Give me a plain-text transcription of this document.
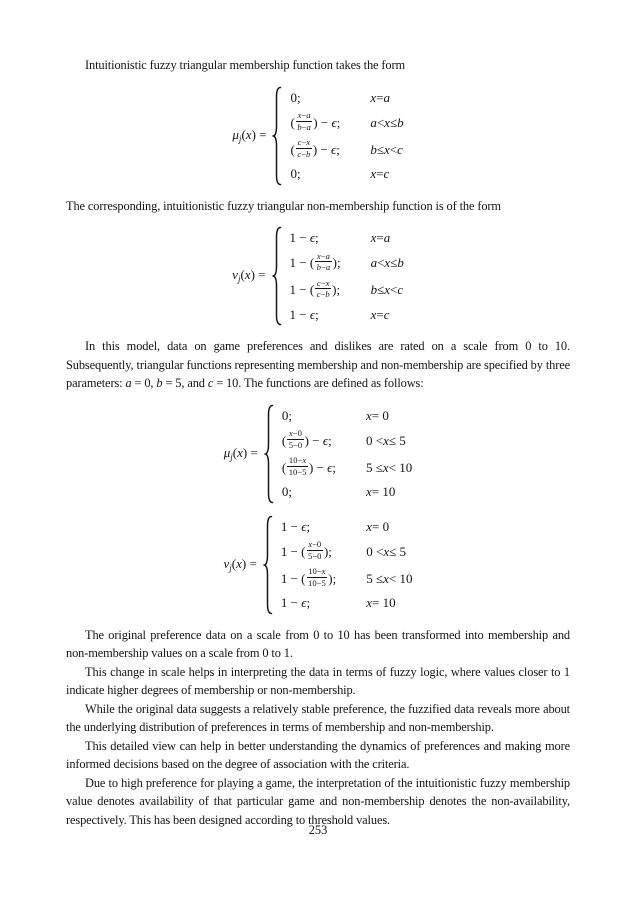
Intuitionistic fuzzy triangular membership function takes the form

$\mu_j(x)$ =
0;	x = a
( $\frac{x-a}{b-a}$ ) − ϵ; a < x ≤ b
( $\frac{c-x}{c-b}$ ) − ϵ; b ≤ x < c
0;	x = c

The corresponding, intuitionistic fuzzy triangular non-membership function is of the form

$\nu_j(x)$ =
1 − ϵ;	x = a
1 − ( $\frac{x-a}{b-a}$ ); a < x ≤ b
1 − ( $\frac{c-x}{c-b}$ ); b ≤ x < c
1 − ϵ;	x = c

In this model, data on game preferences and dislikes are rated on a scale from 0 to 10. Subsequently, triangular functions representing membership and non-membership are specified by three parameters: a = 0, b = 5, and c = 10. The functions are defined as follows:

$\mu_j(x)$ =
0;	x = 0
( $\frac{x-0}{5-0}$ ) − ϵ;	0 < x ≤ 5
( $\frac{10-x}{10-5}$ ) − ϵ; 5 ≤ x < 10
0;	x = 10
$\nu_j(x)$ =
1 − ϵ;	x = 0
1 − ( $\frac{x-0}{5-0}$ );	0 < x ≤ 5
1 − ( $\frac{10-x}{10-5}$ ); 5 ≤ x < 10
1 − ϵ;	x = 10

The original preference data on a scale from 0 to 10 has been transformed into membership and non-membership values on a scale from 0 to 1.

This change in scale helps in interpreting the data in terms of fuzzy logic, where values closer to 1 indicate higher degrees of membership or non-membership.

While the original data suggests a relatively stable preference, the fuzzified data reveals more about the underlying distribution of preferences in terms of membership and non-membership.

This detailed view can help in better understanding the dynamics of preferences and making more informed decisions based on the degree of association with the criteria.

Due to high preference for playing a game, the interpretation of the intuitionistic fuzzy membership value denotes availability of that particular game and non-membership denotes the non-availability, respectively. This has been designed according to threshold values.

253
